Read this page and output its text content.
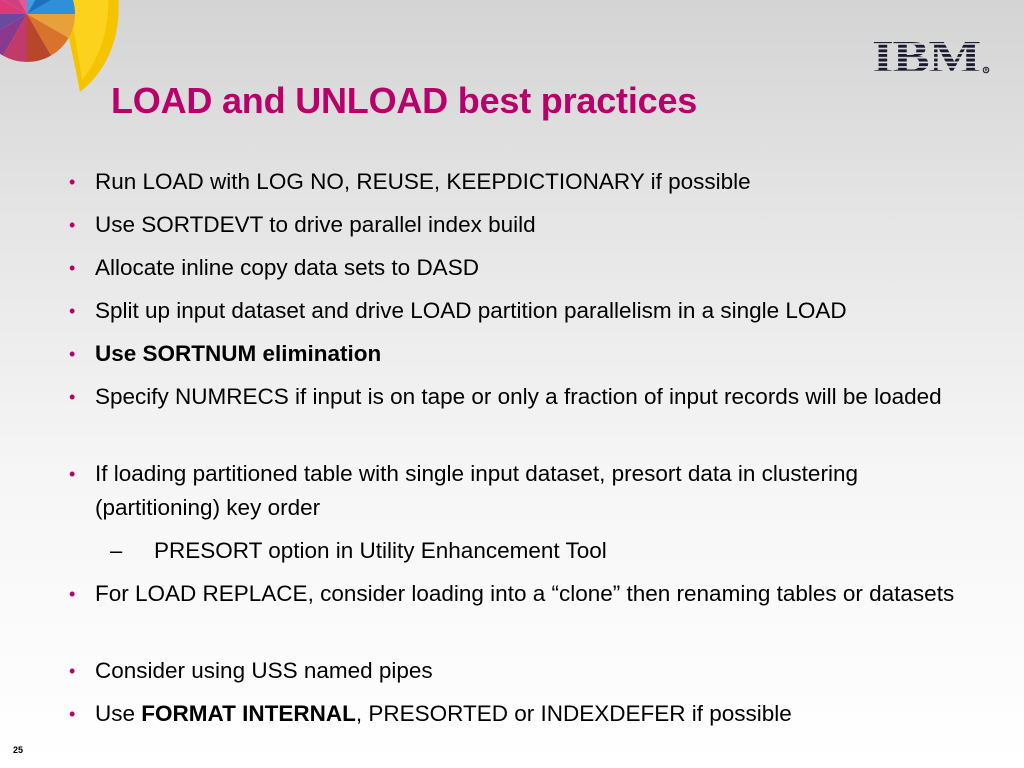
IBM R
LOAD and UNLOAD best practices
• Run LOAD with LOG NO, REUSE, KEEPDICTIONARY if possible
• Use SORTDEVT to drive parallel index build
• Allocate inline copy data sets to DASD
• Split up input dataset and drive LOAD partition parallelism in a single LOAD
• Use SORTNUM elimination
• Specify NUMRECS if input is on tape or only a fraction of input records will be loaded
• If loading partitioned table with single input dataset, presort data in clustering (partitioning) key order
–	PRESORT option in Utility Enhancement Tool
• For LOAD REPLACE, consider loading into a “clone” then renaming tables or datasets
• Consider using USS named pipes
• Use FORMAT INTERNAL, PRESORTED or INDEXDEFER if possible
25
